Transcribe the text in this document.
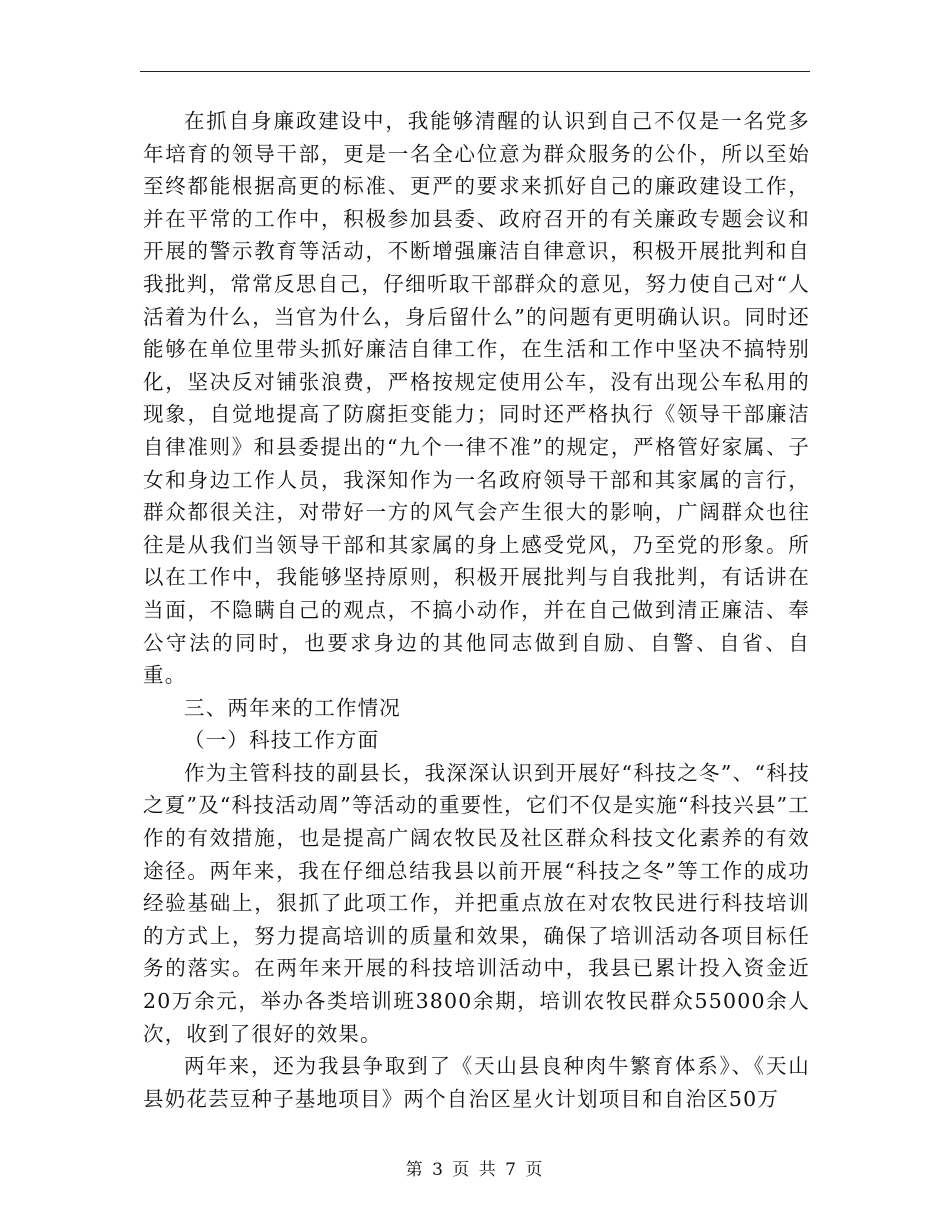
在抓自身廉政建设中，我能够清醒的认识到自己不仅是一名党多年培育的领导干部，更是一名全心位意为群众服务的公仆，所以至始至终都能根据高更的标准、更严的要求来抓好自己的廉政建设工作，并在平常的工作中，积极参加县委、政府召开的有关廉政专题会议和开展的警示教育等活动，不断增强廉洁自律意识，积极开展批判和自我批判，常常反思自己，仔细听取干部群众的意见，努力使自己对“人活着为什么，当官为什么，身后留什么”的问题有更明确认识。同时还能够在单位里带头抓好廉洁自律工作，在生活和工作中坚决不搞特别化，坚决反对铺张浪费，严格按规定使用公车，没有出现公车私用的现象，自觉地提高了防腐拒变能力；同时还严格执行《领导干部廉洁自律准则》和县委提出的“九个一律不准”的规定，严格管好家属、子女和身边工作人员，我深知作为一名政府领导干部和其家属的言行，群众都很关注，对带好一方的风气会产生很大的影响，广阔群众也往往是从我们当领导干部和其家属的身上感受党风，乃至党的形象。所以在工作中，我能够坚持原则，积极开展批判与自我批判，有话讲在当面，不隐瞒自己的观点，不搞小动作，并在自己做到清正廉洁、奉公守法的同时，也要求身边的其他同志做到自励、自警、自省、自重。

三、两年来的工作情况

（一）科技工作方面

作为主管科技的副县长，我深深认识到开展好“科技之冬”、“科技之夏”及“科技活动周”等活动的重要性，它们不仅是实施“科技兴县”工作的有效措施，也是提高广阔农牧民及社区群众科技文化素养的有效途径。两年来，我在仔细总结我县以前开展“科技之冬”等工作的成功经验基础上，狠抓了此项工作，并把重点放在对农牧民进行科技培训的方式上，努力提高培训的质量和效果，确保了培训活动各项目标任务的落实。在两年来开展的科技培训活动中，我县已累计投入资金近20万余元，举办各类培训班3800余期，培训农牧民群众55000余人次，收到了很好的效果。

两年来，还为我县争取到了《天山县良种肉牛繁育体系》、《天山县奶花芸豆种子基地项目》两个自治区星火计划项目和自治区50万

第 3 页 共 7 页
